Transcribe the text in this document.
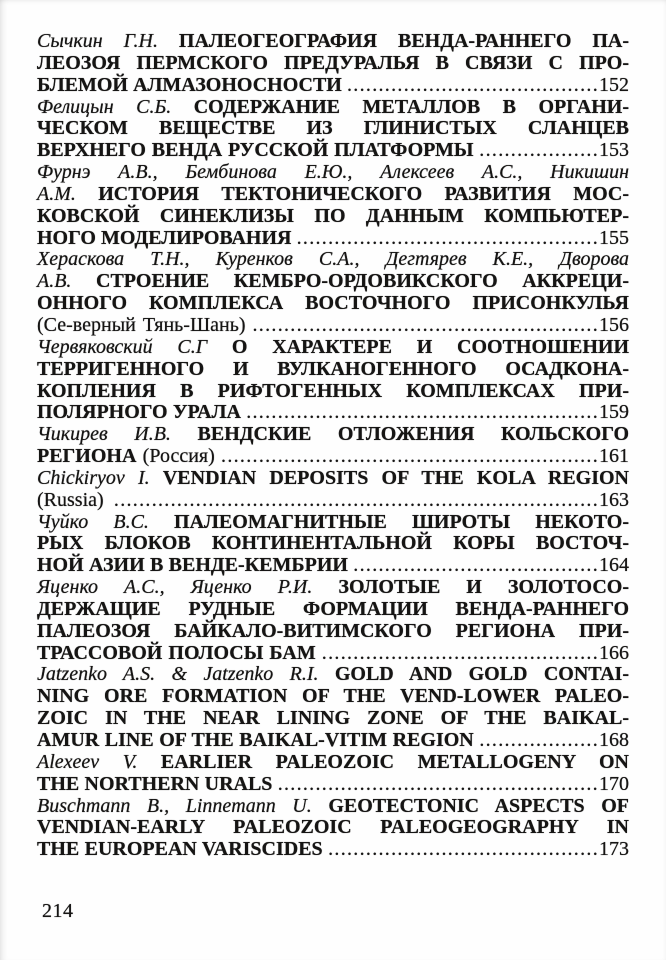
Сычкин Г.Н. ПАЛЕОГЕОГРАФИЯ ВЕНДА-РАННЕГО ПА-
ЛЕОЗОЯ ПЕРМСКОГО ПРЕДУРАЛЬЯ В СВЯЗИ С ПРО-
БЛЕМОЙ АЛМАЗОНОСНОСТИ ........................................152
Фелицын С.Б. СОДЕРЖАНИЕ МЕТАЛЛОВ В ОРГАНИ-
ЧЕСКОМ ВЕЩЕСТВЕ ИЗ ГЛИНИСТЫХ СЛАНЦЕВ
ВЕРХНЕГО ВЕНДА РУССКОЙ ПЛАТФОРМЫ ...................153
Фурнэ А.В., Бембинова Е.Ю., Алексеев А.С., Никишин
А.М. ИСТОРИЯ ТЕКТОНИЧЕСКОГО РАЗВИТИЯ МОС-
КОВСКОЙ СИНЕКЛИЗЫ ПО ДАННЫМ КОМПЬЮТЕР-
НОГО МОДЕЛИРОВАНИЯ ................................................155
Хераскова Т.Н., Куренков С.А., Дегтярев К.Е., Дворова
А.В. СТРОЕНИЕ КЕМБРО-ОРДОВИКСКОГО АККРЕЦИ-
ОННОГО КОМПЛЕКСА ВОСТОЧНОГО ПРИСОНКУЛЬЯ
(Се-верный Тянь-Шань) .......................................................156
Червяковский С.Г О ХАРАКТЕРЕ И СООТНОШЕНИИ
ТЕРРИГЕННОГО И ВУЛКАНОГЕННОГО ОСАДКОНА-
КОПЛЕНИЯ В РИФТОГЕННЫХ КОМПЛЕКСАХ ПРИ-
ПОЛЯРНОГО УРАЛА ........................................................159
Чикирев И.В. ВЕНДСКИЕ ОТЛОЖЕНИЯ КОЛЬСКОГО
РЕГИОНА (Россия) ............................................................161
Chickiryov I. VENDIAN DEPOSITS OF THE KOLA REGION
(Russia) .............................................................................163
Чуйко В.С. ПАЛЕОМАГНИТНЫЕ ШИРОТЫ НЕКОТО-
РЫХ БЛОКОВ КОНТИНЕНТАЛЬНОЙ КОРЫ ВОСТОЧ-
НОЙ АЗИИ В ВЕНДЕ-КЕМБРИИ .......................................164
Яценко А.С., Яценко Р.И. ЗОЛОТЫЕ И ЗОЛОТОСО-
ДЕРЖАЩИЕ РУДНЫЕ ФОРМАЦИИ ВЕНДА-РАННЕГО
ПАЛЕОЗОЯ БАЙКАЛО-ВИТИМСКОГО РЕГИОНА ПРИ-
ТРАССОВОЙ ПОЛОСЫ БАМ ............................................166
Jatzenko A.S. & Jatzenko R.I. GOLD AND GOLD CONTAI-
NING ORE FORMATION OF THE VEND-LOWER PALEO-
ZOIC IN THE NEAR LINING ZONE OF THE BAIKAL-
AMUR LINE OF THE BAIKAL-VITIM REGION ...................168
Alexeev V. EARLIER PALEOZOIC METALLOGENY ON
THE NORTHERN URALS ...................................................170
Buschmann B., Linnemann U. GEOTECTONIC ASPECTS OF
VENDIAN-EARLY PALEOZOIC PALEOGEOGRAPHY IN
THE EUROPEAN VARISCIDES ...........................................173
214
